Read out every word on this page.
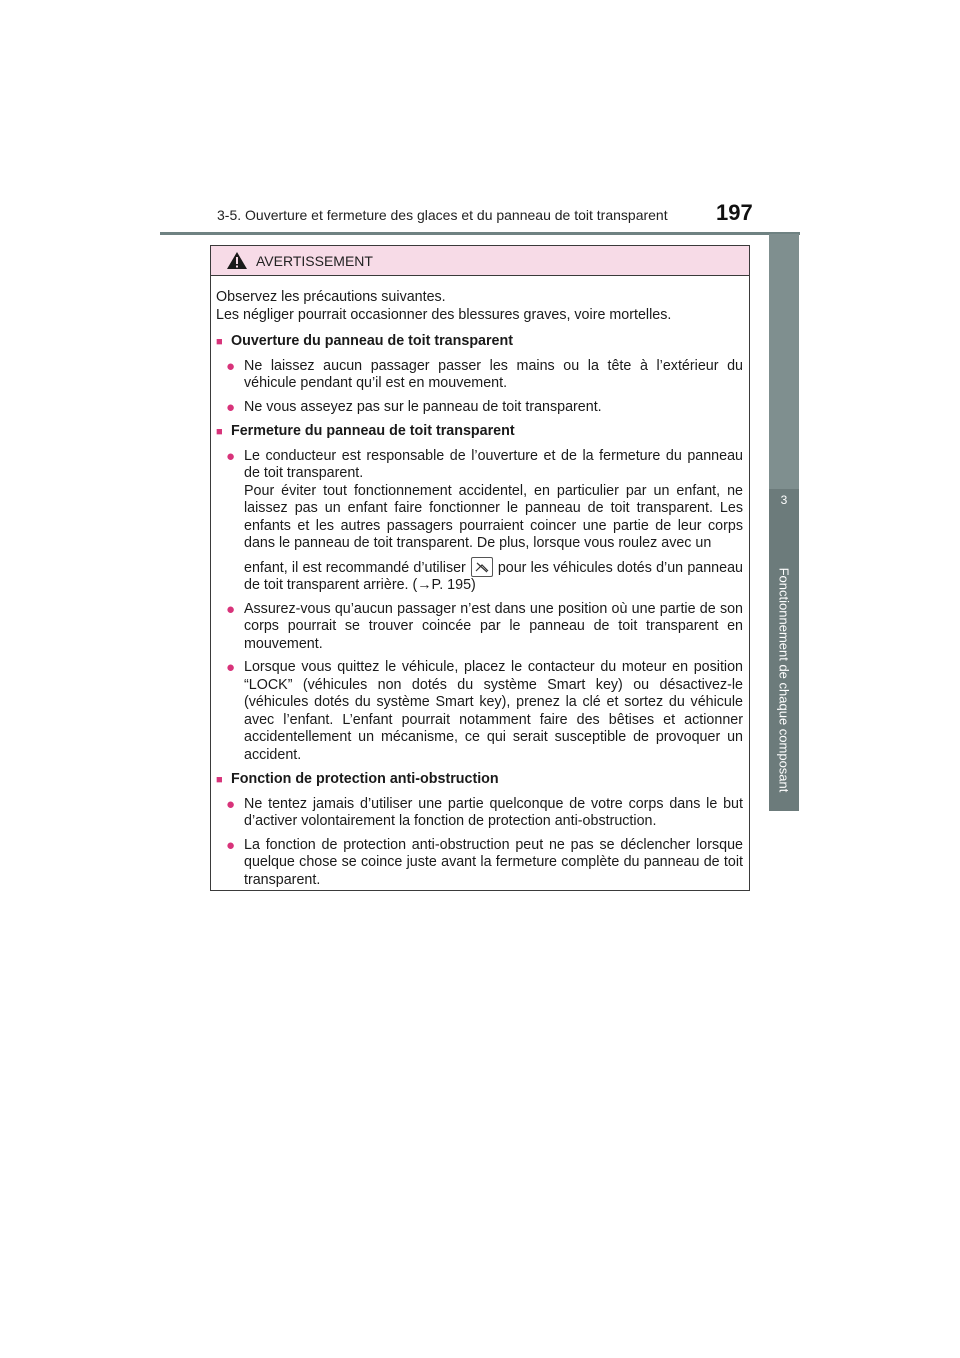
3-5. Ouverture et fermeture des glaces et du panneau de toit transparent 197
3
Fonctionnement de chaque composant
AVERTISSEMENT
Observez les précautions suivantes.
Les négliger pourrait occasionner des blessures graves, voire mortelles.
■ Ouverture du panneau de toit transparent
● Ne laissez aucun passager passer les mains ou la tête à l’extérieur du véhicule pendant qu’il est en mouvement.
● Ne vous asseyez pas sur le panneau de toit transparent.
■ Fermeture du panneau de toit transparent
● Le conducteur est responsable de l’ouverture et de la fermeture du panneau de toit transparent.
Pour éviter tout fonctionnement accidentel, en particulier par un enfant, ne laissez pas un enfant faire fonctionner le panneau de toit transparent. Les enfants et les autres passagers pourraient coincer une partie de leur corps dans le panneau de toit transparent. De plus, lorsque vous roulez avec un
enfant, il est recommandé d’utiliser pour les véhicules dotés d’un panneau de toit transparent arrière. (→P. 195)
● Assurez-vous qu’aucun passager n’est dans une position où une partie de son corps pourrait se trouver coincée par le panneau de toit transparent en mouvement.
● Lorsque vous quittez le véhicule, placez le contacteur du moteur en position “LOCK” (véhicules non dotés du système Smart key) ou désactivez-le (véhicules dotés du système Smart key), prenez la clé et sortez du véhicule avec l’enfant. L’enfant pourrait notamment faire des bêtises et actionner accidentellement un mécanisme, ce qui serait susceptible de provoquer un accident.
■ Fonction de protection anti-obstruction
● Ne tentez jamais d’utiliser une partie quelconque de votre corps dans le but d’activer volontairement la fonction de protection anti-obstruction.
● La fonction de protection anti-obstruction peut ne pas se déclencher lorsque quelque chose se coince juste avant la fermeture complète du panneau de toit transparent.
